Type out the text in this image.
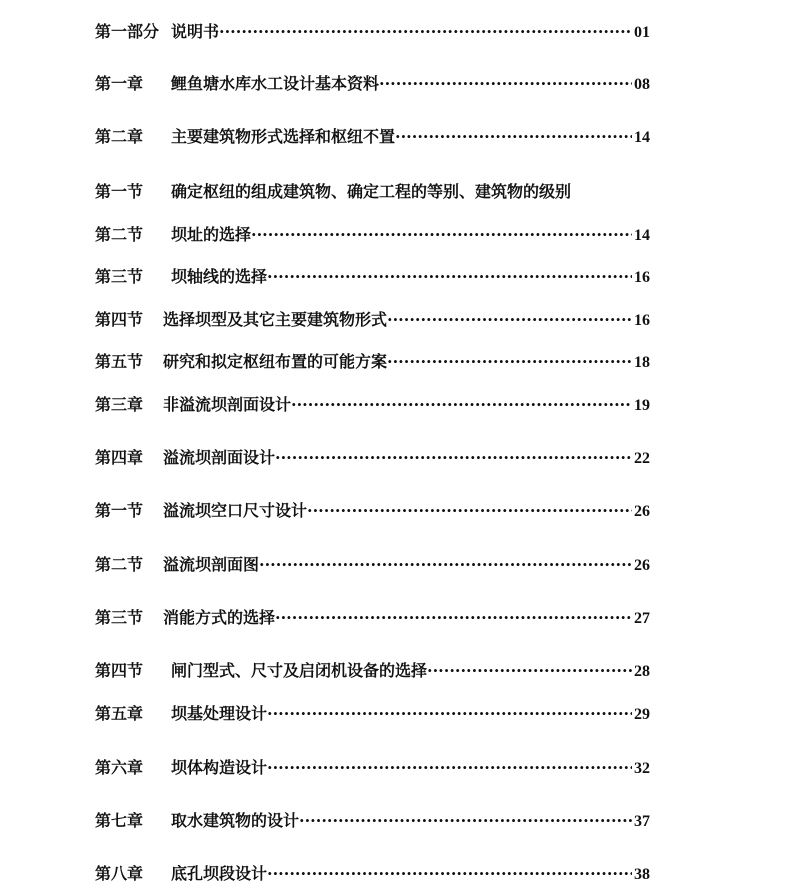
第一部分 说明书 ·····	01
第一章	鲤鱼塘水库水工设计基本资料 ·····	08
第二章	主要建筑物形式选择和枢纽不置 ·····	14
第一节	确定枢纽的组成建筑物、确定工程的等别、建筑物的级别
第二节	坝址的选择 ·····	14
第三节	坝轴线的选择 ·····	16
第四节	选择坝型及其它主要建筑物形式 ·····	16
第五节	研究和拟定枢纽布置的可能方案 ·····	18
第三章	非溢流坝剖面设计 ·····	19
第四章	溢流坝剖面设计 ·····	22
第一节	溢流坝空口尺寸设计 ·····	26
第二节	溢流坝剖面图 ·····	26
第三节	消能方式的选择 ·····	27
第四节	闸门型式、尺寸及启闭机设备的选择 ·····	28
第五章	坝基处理设计 ·····	29
第六章	坝体构造设计 ·····	32
第七章	取水建筑物的设计 ·····	37
第八章	底孔坝段设计 ·····	38
